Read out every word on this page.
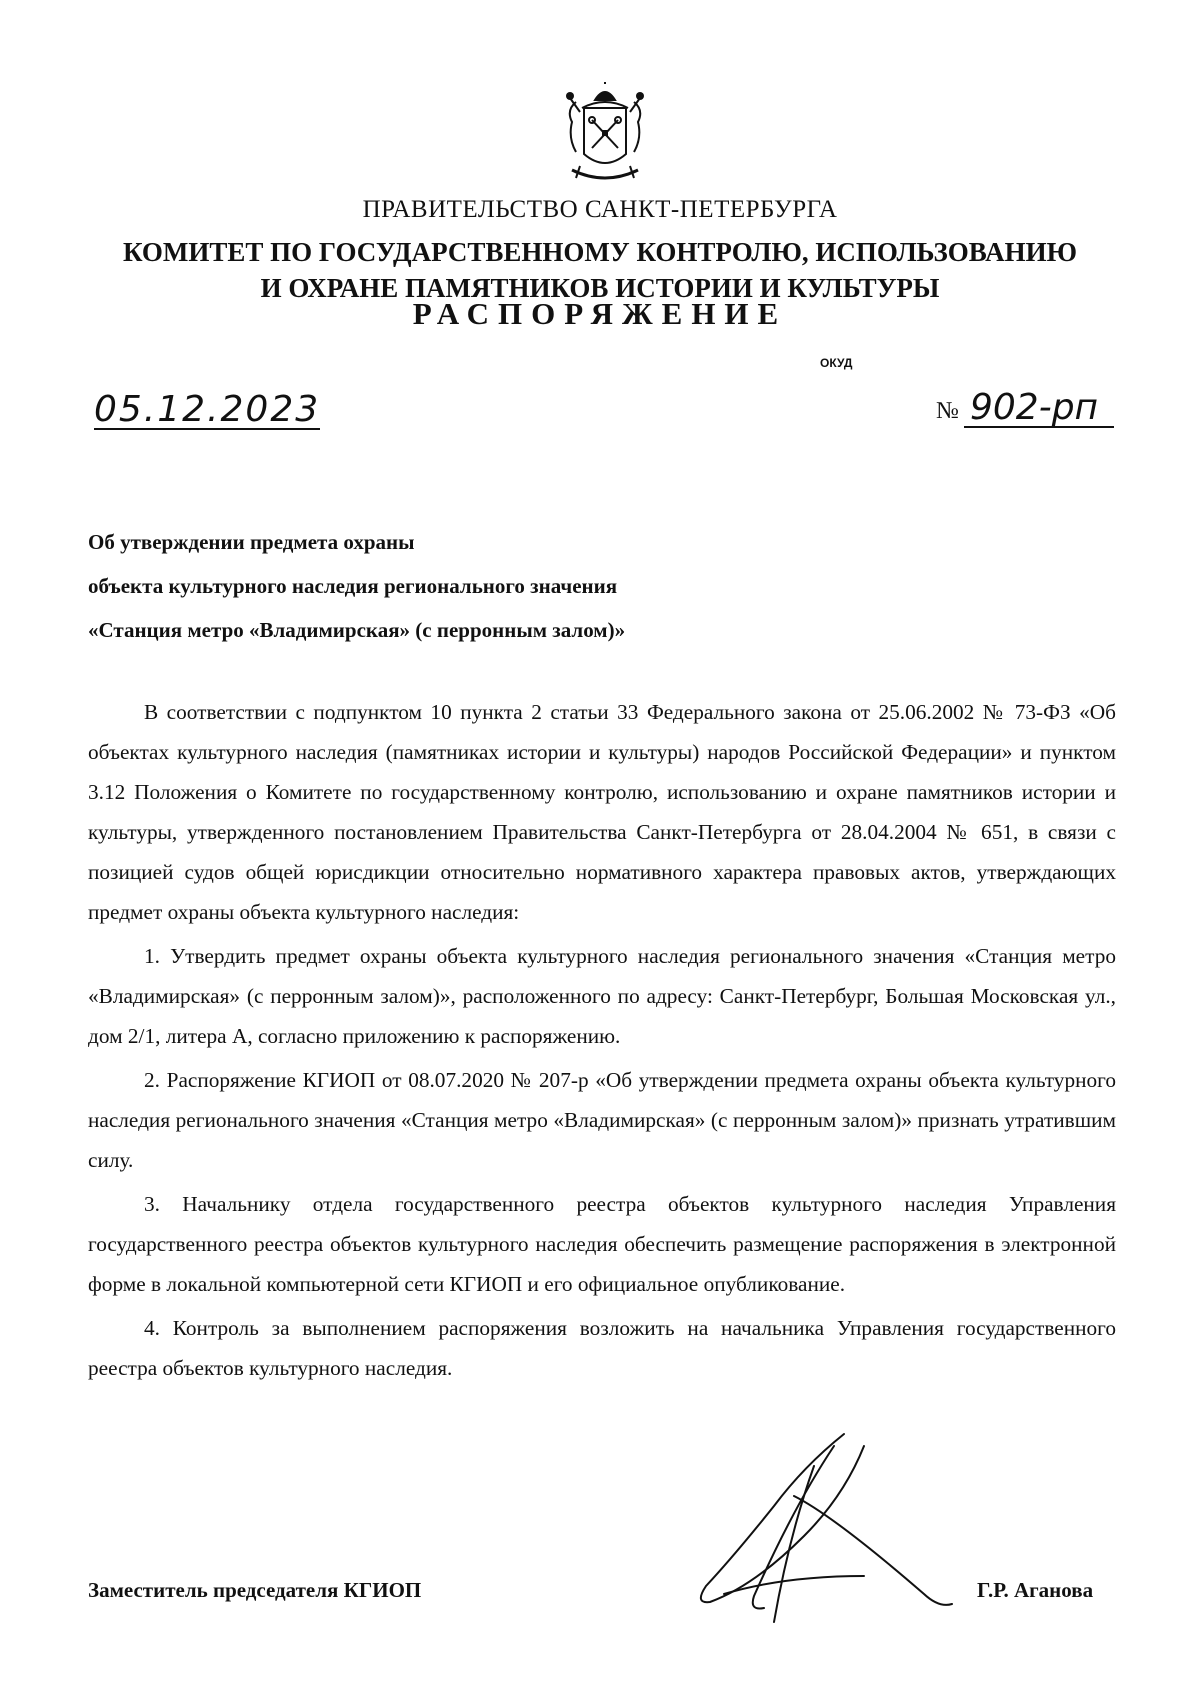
ПРАВИТЕЛЬСТВО САНКТ-ПЕТЕРБУРГА
КОМИТЕТ ПО ГОСУДАРСТВЕННОМУ КОНТРОЛЮ, ИСПОЛЬЗОВАНИЮ
И ОХРАНЕ ПАМЯТНИКОВ ИСТОРИИ И КУЛЬТУРЫ
РАСПОРЯЖЕНИЕ
ОКУД
05.12.2023	№ 902-рп
Об утверждении предмета охраны
объекта культурного наследия регионального значения
«Станция метро «Владимирская» (с перронным залом)»

В соответствии с подпунктом 10 пункта 2 статьи 33 Федерального закона от 25.06.2002 № 73-ФЗ «Об объектах культурного наследия (памятниках истории и культуры) народов Российской Федерации» и пунктом 3.12 Положения о Комитете по государственному контролю, использованию и охране памятников истории и культуры, утвержденного постановлением Правительства Санкт-Петербурга от 28.04.2004 № 651, в связи с позицией судов общей юрисдикции относительно нормативного характера правовых актов, утверждающих предмет охраны объекта культурного наследия:

1. Утвердить предмет охраны объекта культурного наследия регионального значения «Станция метро «Владимирская» (с перронным залом)», расположенного по адресу: Санкт-Петербург, Большая Московская ул., дом 2/1, литера А, согласно приложению к распоряжению.

2. Распоряжение КГИОП от 08.07.2020 № 207-р «Об утверждении предмета охраны объекта культурного наследия регионального значения «Станция метро «Владимирская» (с перронным залом)» признать утратившим силу.

3. Начальнику отдела государственного реестра объектов культурного наследия Управления государственного реестра объектов культурного наследия обеспечить размещение распоряжения в электронной форме в локальной компьютерной сети КГИОП и его официальное опубликование.

4. Контроль за выполнением распоряжения возложить на начальника Управления государственного реестра объектов культурного наследия.

Заместитель председателя КГИОП	Г.Р. Аганова
